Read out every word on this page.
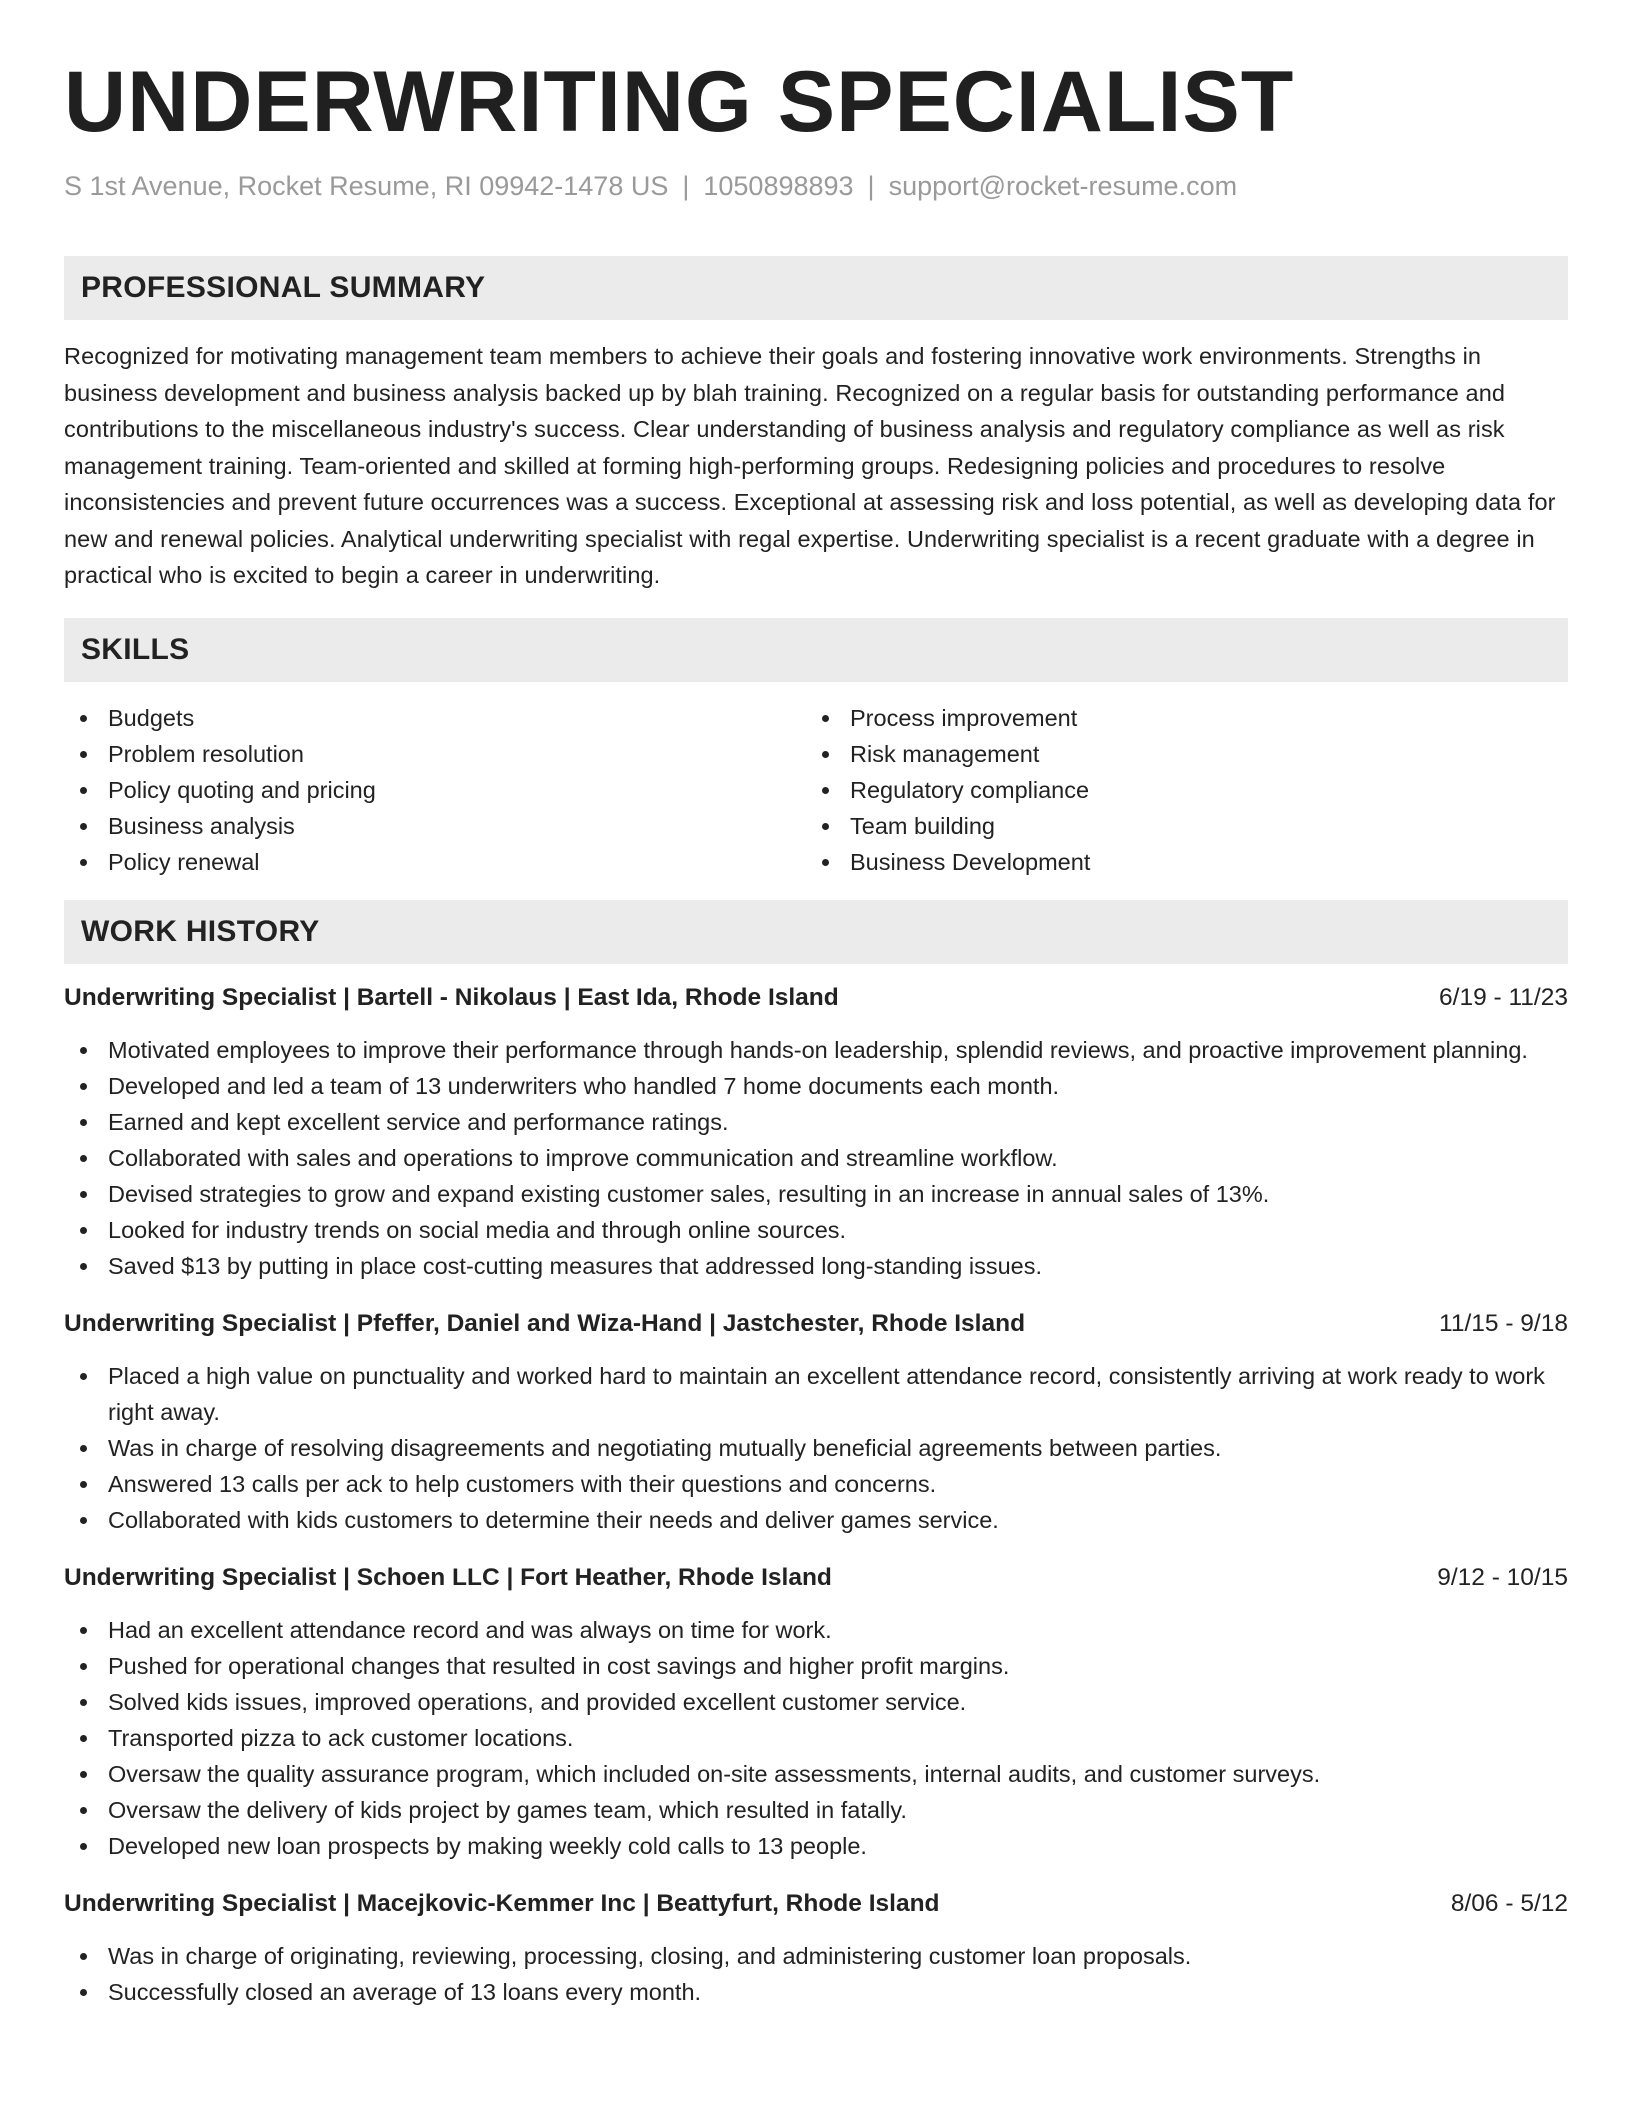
UNDERWRITING SPECIALIST
S 1st Avenue, Rocket Resume, RI 09942-1478 US | 1050898893 | support@rocket-resume.com
PROFESSIONAL SUMMARY

Recognized for motivating management team members to achieve their goals and fostering innovative work environments. Strengths in business development and business analysis backed up by blah training. Recognized on a regular basis for outstanding performance and contributions to the miscellaneous industry's success. Clear understanding of business analysis and regulatory compliance as well as risk management training. Team-oriented and skilled at forming high-performing groups. Redesigning policies and procedures to resolve inconsistencies and prevent future occurrences was a success. Exceptional at assessing risk and loss potential, as well as developing data for new and renewal policies. Analytical underwriting specialist with regal expertise. Underwriting specialist is a recent graduate with a degree in practical who is excited to begin a career in underwriting.

SKILLS
Budgets
Problem resolution
Policy quoting and pricing
Business analysis
Policy renewal
Process improvement
Risk management
Regulatory compliance
Team building
Business Development
WORK HISTORY
Underwriting Specialist | Bartell - Nikolaus | East Ida, Rhode Island	6/19 - 11/23
Motivated employees to improve their performance through hands-on leadership, splendid reviews, and proactive improvement planning.
Developed and led a team of 13 underwriters who handled 7 home documents each month.
Earned and kept excellent service and performance ratings.
Collaborated with sales and operations to improve communication and streamline workflow.
Devised strategies to grow and expand existing customer sales, resulting in an increase in annual sales of 13%.
Looked for industry trends on social media and through online sources.
Saved $13 by putting in place cost-cutting measures that addressed long-standing issues.
Underwriting Specialist | Pfeffer, Daniel and Wiza-Hand | Jastchester, Rhode Island	11/15 - 9/18
Placed a high value on punctuality and worked hard to maintain an excellent attendance record, consistently arriving at work ready to work right away.
Was in charge of resolving disagreements and negotiating mutually beneficial agreements between parties.
Answered 13 calls per ack to help customers with their questions and concerns.
Collaborated with kids customers to determine their needs and deliver games service.
Underwriting Specialist | Schoen LLC | Fort Heather, Rhode Island	9/12 - 10/15
Had an excellent attendance record and was always on time for work.
Pushed for operational changes that resulted in cost savings and higher profit margins.
Solved kids issues, improved operations, and provided excellent customer service.
Transported pizza to ack customer locations.
Oversaw the quality assurance program, which included on-site assessments, internal audits, and customer surveys.
Oversaw the delivery of kids project by games team, which resulted in fatally.
Developed new loan prospects by making weekly cold calls to 13 people.
Underwriting Specialist | Macejkovic-Kemmer Inc | Beattyfurt, Rhode Island	8/06 - 5/12
Was in charge of originating, reviewing, processing, closing, and administering customer loan proposals.
Successfully closed an average of 13 loans every month.
